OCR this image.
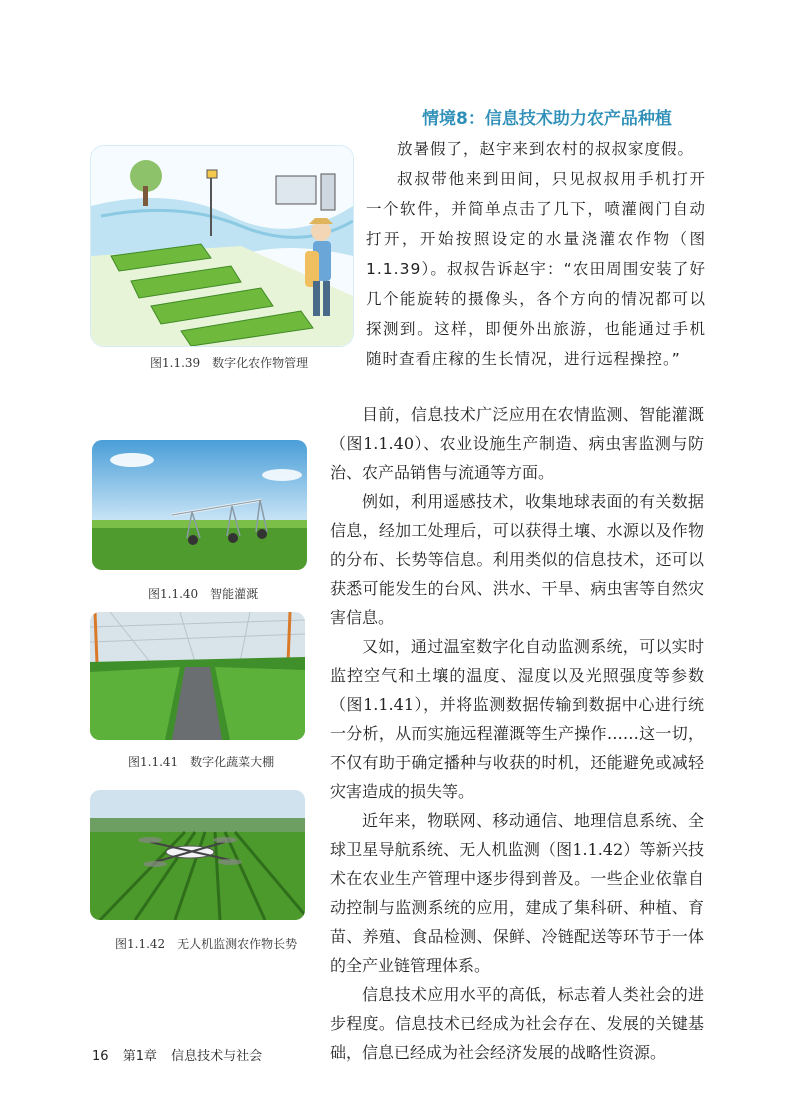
情境8：信息技术助力农产品种植

放暑假了，赵宇来到农村的叔叔家度假。

叔叔带他来到田间，只见叔叔用手机打开一个软件，并简单点击了几下，喷灌阀门自动打开，开始按照设定的水量浇灌农作物（图1.1.39）。叔叔告诉赵宇：“农田周围安装了好几个能旋转的摄像头，各个方向的情况都可以探测到。这样，即便外出旅游，也能通过手机随时查看庄稼的生长情况，进行远程操控。”

图1.1.39　数字化农作物管理
图1.1.40　智能灌溉
图1.1.41　数字化蔬菜大棚
图1.1.42　无人机监测农作物长势

目前，信息技术广泛应用在农情监测、智能灌溉（图1.1.40）、农业设施生产制造、病虫害监测与防治、农产品销售与流通等方面。

例如，利用遥感技术，收集地球表面的有关数据信息，经加工处理后，可以获得土壤、水源以及作物的分布、长势等信息。利用类似的信息技术，还可以获悉可能发生的台风、洪水、干旱、病虫害等自然灾害信息。

又如，通过温室数字化自动监测系统，可以实时监控空气和土壤的温度、湿度以及光照强度等参数（图1.1.41），并将监测数据传输到数据中心进行统一分析，从而实施远程灌溉等生产操作……这一切，不仅有助于确定播种与收获的时机，还能避免或减轻灾害造成的损失等。

近年来，物联网、移动通信、地理信息系统、全球卫星导航系统、无人机监测（图1.1.42）等新兴技术在农业生产管理中逐步得到普及。一些企业依靠自动控制与监测系统的应用，建成了集科研、种植、育苗、养殖、食品检测、保鲜、冷链配送等环节于一体的全产业链管理体系。

信息技术应用水平的高低，标志着人类社会的进步程度。信息技术已经成为社会存在、发展的关键基础，信息已经成为社会经济发展的战略性资源。

16 第1章 信息技术与社会
